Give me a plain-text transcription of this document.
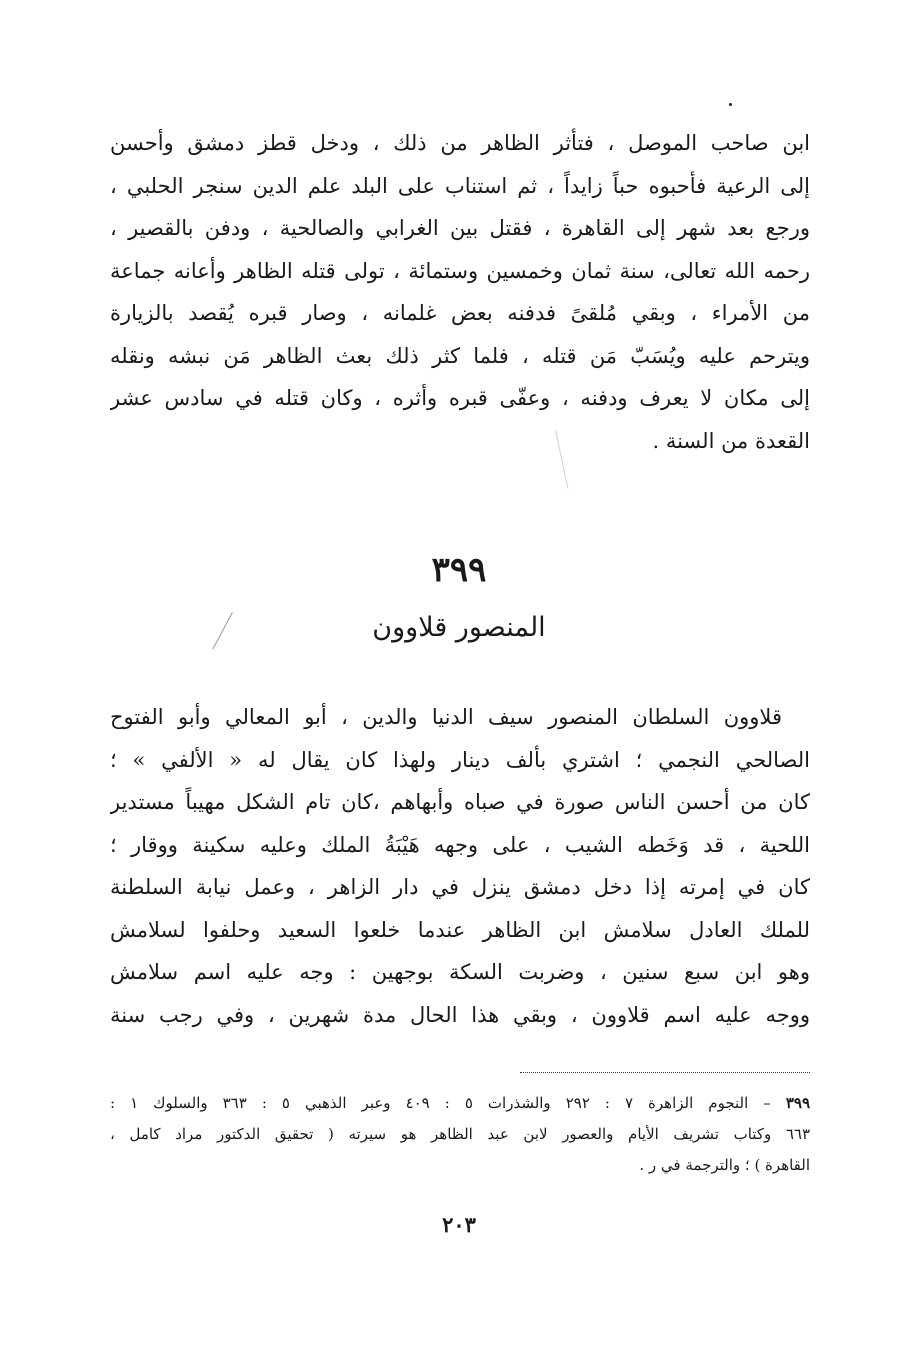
ابن صاحب الموصل ، فتأثر الظاهر من ذلك ، ودخل قطز دمشق وأحسن
إلى الرعية فأحبوه حباً زايداً ، ثم استناب على البلد علم الدين سنجر الحلبي ،
ورجع بعد شهر إلى القاهرة ، فقتل بين الغرابي والصالحية ، ودفن بالقصير ،
رحمه الله تعالى، سنة ثمان وخمسين وستمائة ، تولى قتله الظاهر وأعانه جماعة
من الأمراء ، وبقي مُلقىً فدفنه بعض غلمانه ، وصار قبره يُقصد بالزيارة
ويترحم عليه ويُسَبّ مَن قتله ، فلما كثر ذلك بعث الظاهر مَن نبشه ونقله
إلى مكان لا يعرف ودفنه ، وعفّى قبره وأثره ، وكان قتله في سادس عشر
القعدة من السنة .
٣٩٩
المنصور قلاوون
قلاوون السلطان المنصور سيف الدنيا والدين ، أبو المعالي وأبو الفتوح
الصالحي النجمي ؛ اشتري بألف دينار ولهذا كان يقال له « الألفي » ؛
كان من أحسن الناس صورة في صباه وأبهاهم ،كان تام الشكل مهيباً مستدير
اللحية ، قد وَخَطه الشيب ، على وجهه هَيْبَةُ الملك وعليه سكينة ووقار ؛
كان في إمرته إذا دخل دمشق ينزل في دار الزاهر ، وعمل نيابة السلطنة
للملك العادل سلامش ابن الظاهر عندما خلعوا السعيد وحلفوا لسلامش
وهو ابن سبع سنين ، وضربت السكة بوجهين : وجه عليه اسم سلامش
ووجه عليه اسم قلاوون ، وبقي هذا الحال مدة شهرين ، وفي رجب سنة
٣٩٩ – النجوم الزاهرة ٧ : ٢٩٢ والشذرات ٥ : ٤٠٩ وعبر الذهبي ٥ : ٣٦٣ والسلوك ١ :
٦٦٣ وكتاب تشريف الأيام والعصور لابن عبد الظاهر هو سيرته ( تحقيق الدكتور مراد كامل ،
القاهرة ) ؛ والترجمة في ر .
٢٠٣
